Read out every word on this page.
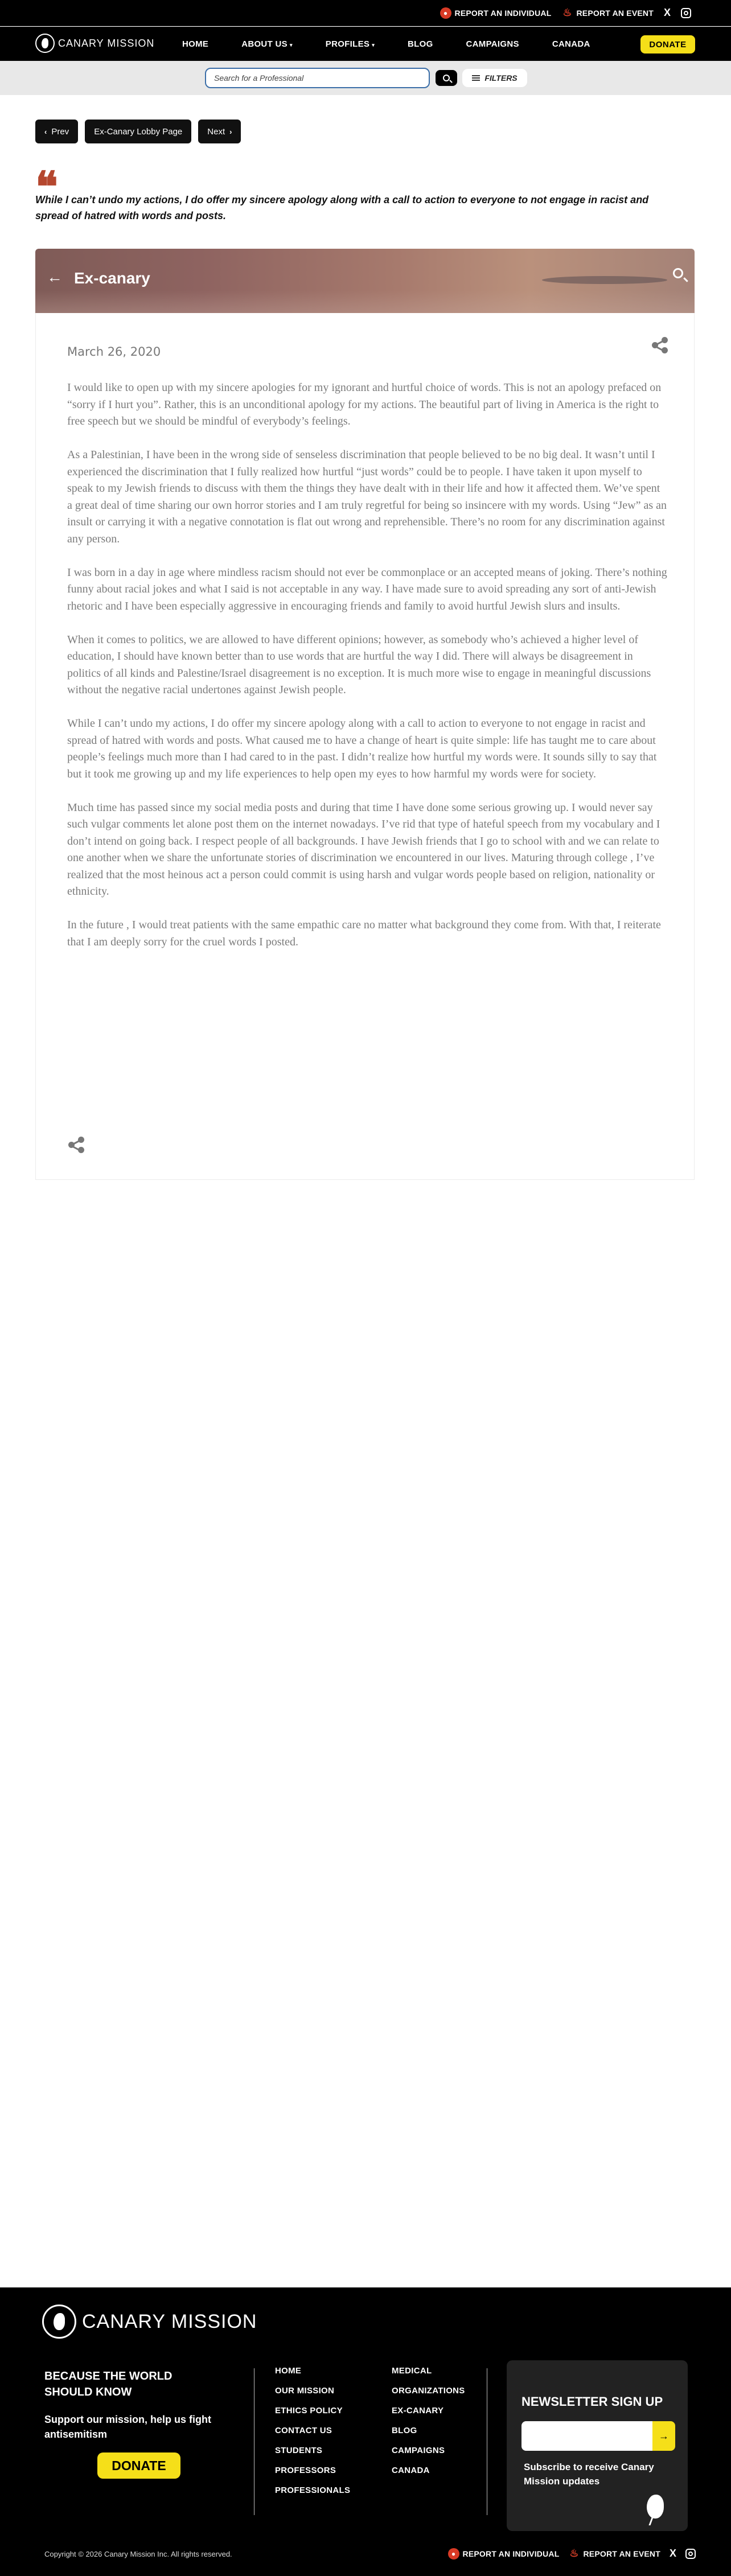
● REPORT AN INDIVIDUAL ♨ REPORT AN EVENT X
CANARY MISSION	HOME	ABOUT US ▾	PROFILES ▾	BLOG	CAMPAIGNS	CANADA	DONATE
Search for a Professional
FILTERS
‹ Prev	Ex-Canary Lobby Page	Next ›
❝
While I can’t undo my actions, I do offer my sincere apology along with a call to action to everyone to not engage in racist and spread of hatred with words and posts.
← Ex-canary
March 26, 2020

I would like to open up with my sincere apologies for my ignorant and hurtful choice of words. This is not an apology prefaced on “sorry if I hurt you”. Rather, this is an unconditional apology for my actions. The beautiful part of living in America is the right to free speech but we should be mindful of everybody’s feelings.

As a Palestinian, I have been in the wrong side of senseless discrimination that people believed to be no big deal. It wasn’t until I experienced the discrimination that I fully realized how hurtful “just words” could be to people. I have taken it upon myself to speak to my Jewish friends to discuss with them the things they have dealt with in their life and how it affected them. We’ve spent a great deal of time sharing our own horror stories and I am truly regretful for being so insincere with my words. Using “Jew” as an insult or carrying it with a negative connotation is flat out wrong and reprehensible. There’s no room for any discrimination against any person.

I was born in a day in age where mindless racism should not ever be commonplace or an accepted means of joking. There’s nothing funny about racial jokes and what I said is not acceptable in any way. I have made sure to avoid spreading any sort of anti-Jewish rhetoric and I have been especially aggressive in encouraging friends and family to avoid hurtful Jewish slurs and insults.

When it comes to politics, we are allowed to have different opinions; however, as somebody who’s achieved a higher level of education, I should have known better than to use words that are hurtful the way I did. There will always be disagreement in politics of all kinds and Palestine/Israel disagreement is no exception. It is much more wise to engage in meaningful discussions without the negative racial undertones against Jewish people.

While I can’t undo my actions, I do offer my sincere apology along with a call to action to everyone to not engage in racist and spread of hatred with words and posts. What caused me to have a change of heart is quite simple: life has taught me to care about people’s feelings much more than I had cared to in the past. I didn’t realize how hurtful my words were. It sounds silly to say that but it took me growing up and my life experiences to help open my eyes to how harmful my words were for society.

Much time has passed since my social media posts and during that time I have done some serious growing up. I would never say such vulgar comments let alone post them on the internet nowadays. I’ve rid that type of hateful speech from my vocabulary and I don’t intend on going back. I respect people of all backgrounds. I have Jewish friends that I go to school with and we can relate to one another when we share the unfortunate stories of discrimination we encountered in our lives. Maturing through college , I’ve realized that the most heinous act a person could commit is using harsh and vulgar words people based on religion, nationality or ethnicity.

In the future , I would treat patients with the same empathic care no matter what background they come from. With that, I reiterate that I am deeply sorry for the cruel words I posted.

CANARY MISSION
BECAUSE THE WORLD SHOULD KNOW
Support our mission, help us fight antisemitism
DONATE
HOME
OUR MISSION
ETHICS POLICY
CONTACT US
STUDENTS
PROFESSORS
PROFESSIONALS
MEDICAL
ORGANIZATIONS
EX-CANARY
BLOG
CAMPAIGNS
CANADA
NEWSLETTER SIGN UP
→
Subscribe to receive Canary Mission updates
Copyright © 2026 Canary Mission Inc. All rights reserved.	● REPORT AN INDIVIDUAL ♨ REPORT AN EVENT X
